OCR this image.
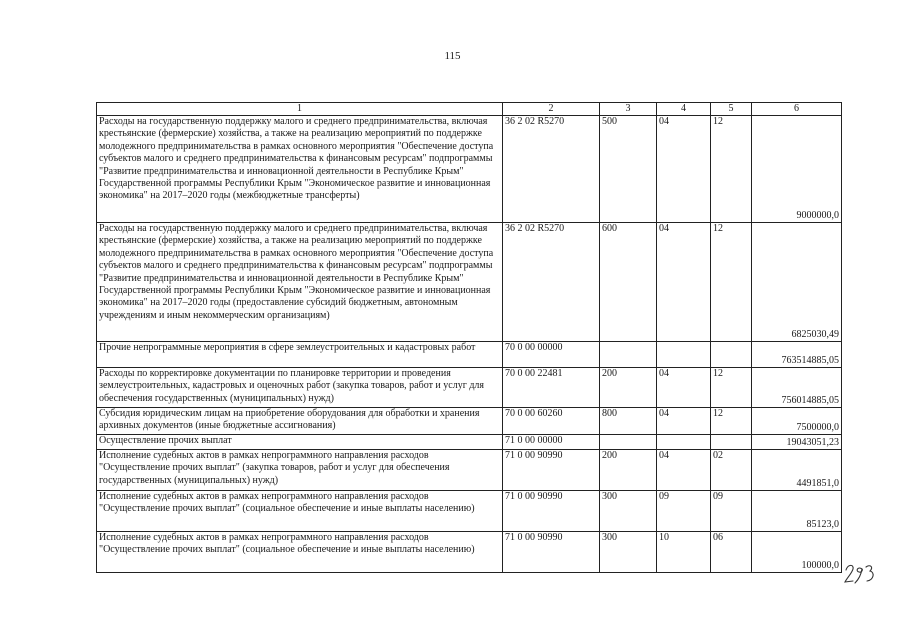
115
1	2	3	4	5	6
Расходы на государственную поддержку малого и среднего предпринимательства, включая крестьянские (фермерские) хозяйства, а также на реализацию мероприятий по поддержке молодежного предпринимательства в рамках основного мероприятия "Обеспечение доступа субъектов малого и среднего предпринимательства к финансовым ресурсам" подпрограммы "Развитие предпринимательства и инновационной деятельности в Республике Крым" Государственной программы Республики Крым "Экономическое развитие и инновационная экономика" на 2017–2020 годы (межбюджетные трансферты)	36 2 02 R5270	500	04	12	9000000,0
Расходы на государственную поддержку малого и среднего предпринимательства, включая крестьянские (фермерские) хозяйства, а также на реализацию мероприятий по поддержке молодежного предпринимательства в рамках основного мероприятия "Обеспечение доступа субъектов малого и среднего предпринимательства к финансовым ресурсам" подпрограммы "Развитие предпринимательства и инновационной деятельности в Республике Крым" Государственной программы Республики Крым "Экономическое развитие и инновационная экономика" на 2017–2020 годы (предоставление субсидий бюджетным, автономным учреждениям и иным некоммерческим организациям)	36 2 02 R5270	600	04	12	6825030,49
Прочие непрограммные мероприятия в сфере землеустроительных и кадастровых работ	70 0 00 00000				763514885,05
Расходы по корректировке документации по планировке территории и проведения землеустроительных, кадастровых и оценочных работ (закупка товаров, работ и услуг для обеспечения государственных (муниципальных) нужд)	70 0 00 22481	200	04	12	756014885,05
Субсидия юридическим лицам на приобретение оборудования для обработки и хранения архивных документов (иные бюджетные ассигнования)	70 0 00 60260	800	04	12	7500000,0
Осуществление прочих выплат	71 0 00 00000				19043051,23
Исполнение судебных актов в рамках непрограммного направления расходов "Осуществление прочих выплат" (закупка товаров, работ и услуг для обеспечения государственных (муниципальных) нужд)	71 0 00 90990	200	04	02	4491851,0
Исполнение судебных актов в рамках непрограммного направления расходов "Осуществление прочих выплат" (социальное обеспечение и иные выплаты населению)	71 0 00 90990	300	09	09	85123,0
Исполнение судебных актов в рамках непрограммного направления расходов "Осуществление прочих выплат" (социальное обеспечение и иные выплаты населению)	71 0 00 90990	300	10	06	100000,0
